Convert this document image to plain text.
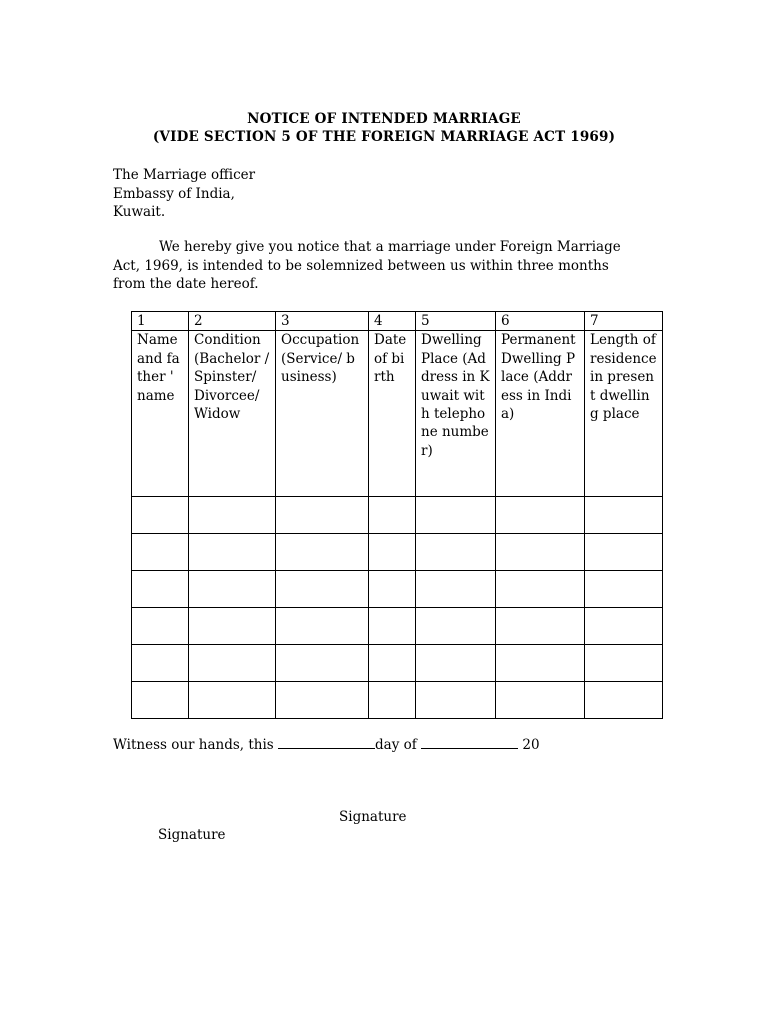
NOTICE OF INTENDED MARRIAGE
(VIDE SECTION 5 OF THE FOREIGN MARRIAGE ACT 1969)
The Marriage officer
Embassy of India,
Kuwait.
We hereby give you notice that a marriage under Foreign Marriage
Act, 1969, is intended to be solemnized between us within three months
from the date hereof.
1	2	3	4	5	6	7
Name and father ' name	Condition (Bachelor / Spinster/ Divorcee/ Widow	Occupation (Service/ business)	Date of birth	Dwelling Place (Address in Kuwait with telephone number)	Permanent Dwelling Place (Address in India)	Length of residence in present dwelling place

Witness our hands, this	day of	20
Signature
Signature
